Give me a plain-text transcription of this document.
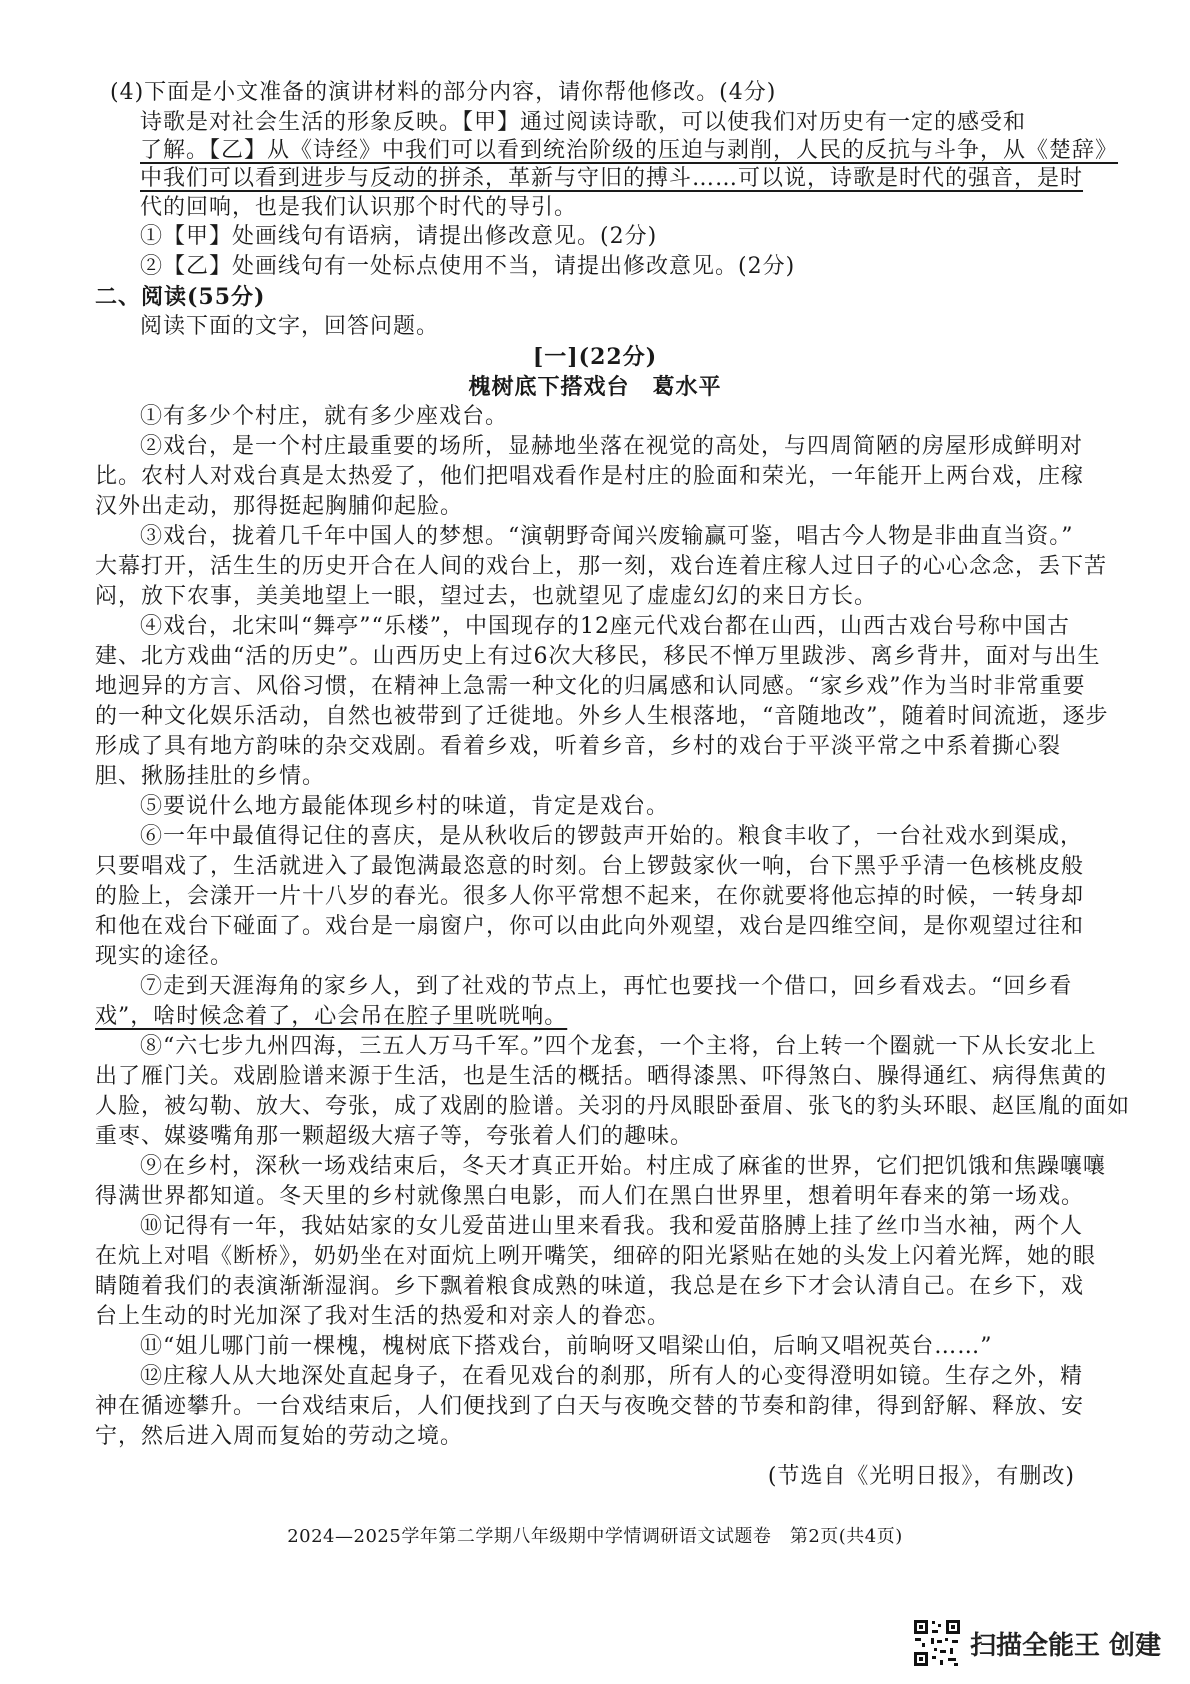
(4)下面是小文准备的演讲材料的部分内容，请你帮他修改。(4分)
诗歌是对社会生活的形象反映。【甲】通过阅读诗歌，可以使我们对历史有一定的感受和
了解。【乙】从《诗经》中我们可以看到统治阶级的压迫与剥削，人民的反抗与斗争，从《楚辞》
中我们可以看到进步与反动的拼杀，革新与守旧的搏斗……可以说，诗歌是时代的强音，是时
代的回响，也是我们认识那个时代的导引。
①【甲】处画线句有语病，请提出修改意见。(2分)
②【乙】处画线句有一处标点使用不当，请提出修改意见。(2分)
二、阅读(55分)
阅读下面的文字，回答问题。
[一](22分)
槐树底下搭戏台　葛水平
①有多少个村庄，就有多少座戏台。
②戏台，是一个村庄最重要的场所，显赫地坐落在视觉的高处，与四周简陋的房屋形成鲜明对
比。农村人对戏台真是太热爱了，他们把唱戏看作是村庄的脸面和荣光，一年能开上两台戏，庄稼
汉外出走动，那得挺起胸脯仰起脸。
③戏台，拢着几千年中国人的梦想。“演朝野奇闻兴废输赢可鉴，唱古今人物是非曲直当资。”
大幕打开，活生生的历史开合在人间的戏台上，那一刻，戏台连着庄稼人过日子的心心念念，丢下苦
闷，放下农事，美美地望上一眼，望过去，也就望见了虚虚幻幻的来日方长。
④戏台，北宋叫“舞亭”“乐楼”，中国现存的12座元代戏台都在山西，山西古戏台号称中国古
建、北方戏曲“活的历史”。山西历史上有过6次大移民，移民不惮万里跋涉、离乡背井，面对与出生
地迥异的方言、风俗习惯，在精神上急需一种文化的归属感和认同感。“家乡戏”作为当时非常重要
的一种文化娱乐活动，自然也被带到了迁徙地。外乡人生根落地，“音随地改”，随着时间流逝，逐步
形成了具有地方韵味的杂交戏剧。看着乡戏，听着乡音，乡村的戏台于平淡平常之中系着撕心裂
胆、揪肠挂肚的乡情。
⑤要说什么地方最能体现乡村的味道，肯定是戏台。
⑥一年中最值得记住的喜庆，是从秋收后的锣鼓声开始的。粮食丰收了，一台社戏水到渠成，
只要唱戏了，生活就进入了最饱满最恣意的时刻。台上锣鼓家伙一响，台下黑乎乎清一色核桃皮般
的脸上，会漾开一片十八岁的春光。很多人你平常想不起来，在你就要将他忘掉的时候，一转身却
和他在戏台下碰面了。戏台是一扇窗户，你可以由此向外观望，戏台是四维空间，是你观望过往和
现实的途径。
⑦走到天涯海角的家乡人，到了社戏的节点上，再忙也要找一个借口，回乡看戏去。“回乡看
戏”，啥时候念着了，心会吊在腔子里咣咣响。
⑧“六七步九州四海，三五人万马千军。”四个龙套，一个主将，台上转一个圈就一下从长安北上
出了雁门关。戏剧脸谱来源于生活，也是生活的概括。晒得漆黑、吓得煞白、臊得通红、病得焦黄的
人脸，被勾勒、放大、夸张，成了戏剧的脸谱。关羽的丹凤眼卧蚕眉、张飞的豹头环眼、赵匡胤的面如
重枣、媒婆嘴角那一颗超级大痦子等，夸张着人们的趣味。
⑨在乡村，深秋一场戏结束后，冬天才真正开始。村庄成了麻雀的世界，它们把饥饿和焦躁嚷嚷
得满世界都知道。冬天里的乡村就像黑白电影，而人们在黑白世界里，想着明年春来的第一场戏。
⑩记得有一年，我姑姑家的女儿爱苗进山里来看我。我和爱苗胳膊上挂了丝巾当水袖，两个人
在炕上对唱《断桥》，奶奶坐在对面炕上咧开嘴笑，细碎的阳光紧贴在她的头发上闪着光辉，她的眼
睛随着我们的表演渐渐湿润。乡下飘着粮食成熟的味道，我总是在乡下才会认清自己。在乡下，戏
台上生动的时光加深了我对生活的热爱和对亲人的眷恋。
⑪“姐儿哪门前一棵槐，槐树底下搭戏台，前晌呀又唱梁山伯，后晌又唱祝英台……”
⑫庄稼人从大地深处直起身子，在看见戏台的刹那，所有人的心变得澄明如镜。生存之外，精
神在循迹攀升。一台戏结束后，人们便找到了白天与夜晚交替的节奏和韵律，得到舒解、释放、安
宁，然后进入周而复始的劳动之境。
(节选自《光明日报》，有删改)
2024—2025学年第二学期八年级期中学情调研语文试题卷　第2页(共4页)
扫描全能王 创建
